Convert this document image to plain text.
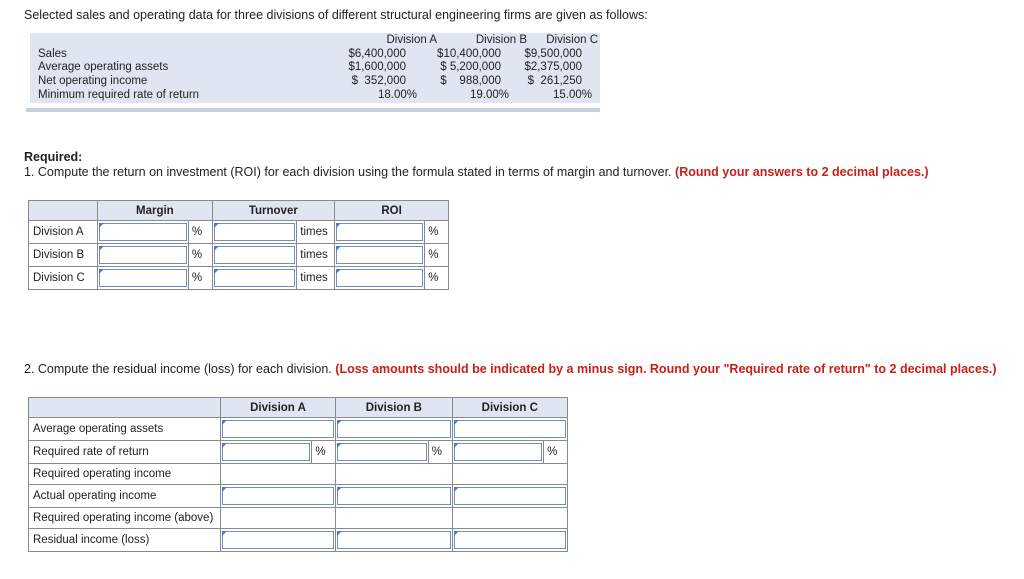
Selected sales and operating data for three divisions of different structural engineering firms are given as follows:
Division A	Division B	Division C
Sales	$6,400,000	$10,400,000	$9,500,000
Average operating assets	$1,600,000	$ 5,200,000	$2,375,000
Net operating income	$  352,000	$    988,000	$  261,250
Minimum required rate of return	18.00%	19.00%	15.00%
Required:
1. Compute the return on investment (ROI) for each division using the formula stated in terms of margin and turnover. (Round your answers to 2 decimal places.)
	Margin		Turnover		ROI	
Division A		%		times		%
Division B		%		times		%
Division C		%		times		%
2. Compute the residual income (loss) for each division. (Loss amounts should be indicated by a minus sign. Round your "Required rate of return" to 2 decimal places.)
	Division A		Division B		Division C	
Average operating assets				

Required rate of return		%		%		%
Required operating income						
Actual operating income				

Required operating income (above)						
Residual income (loss)				
